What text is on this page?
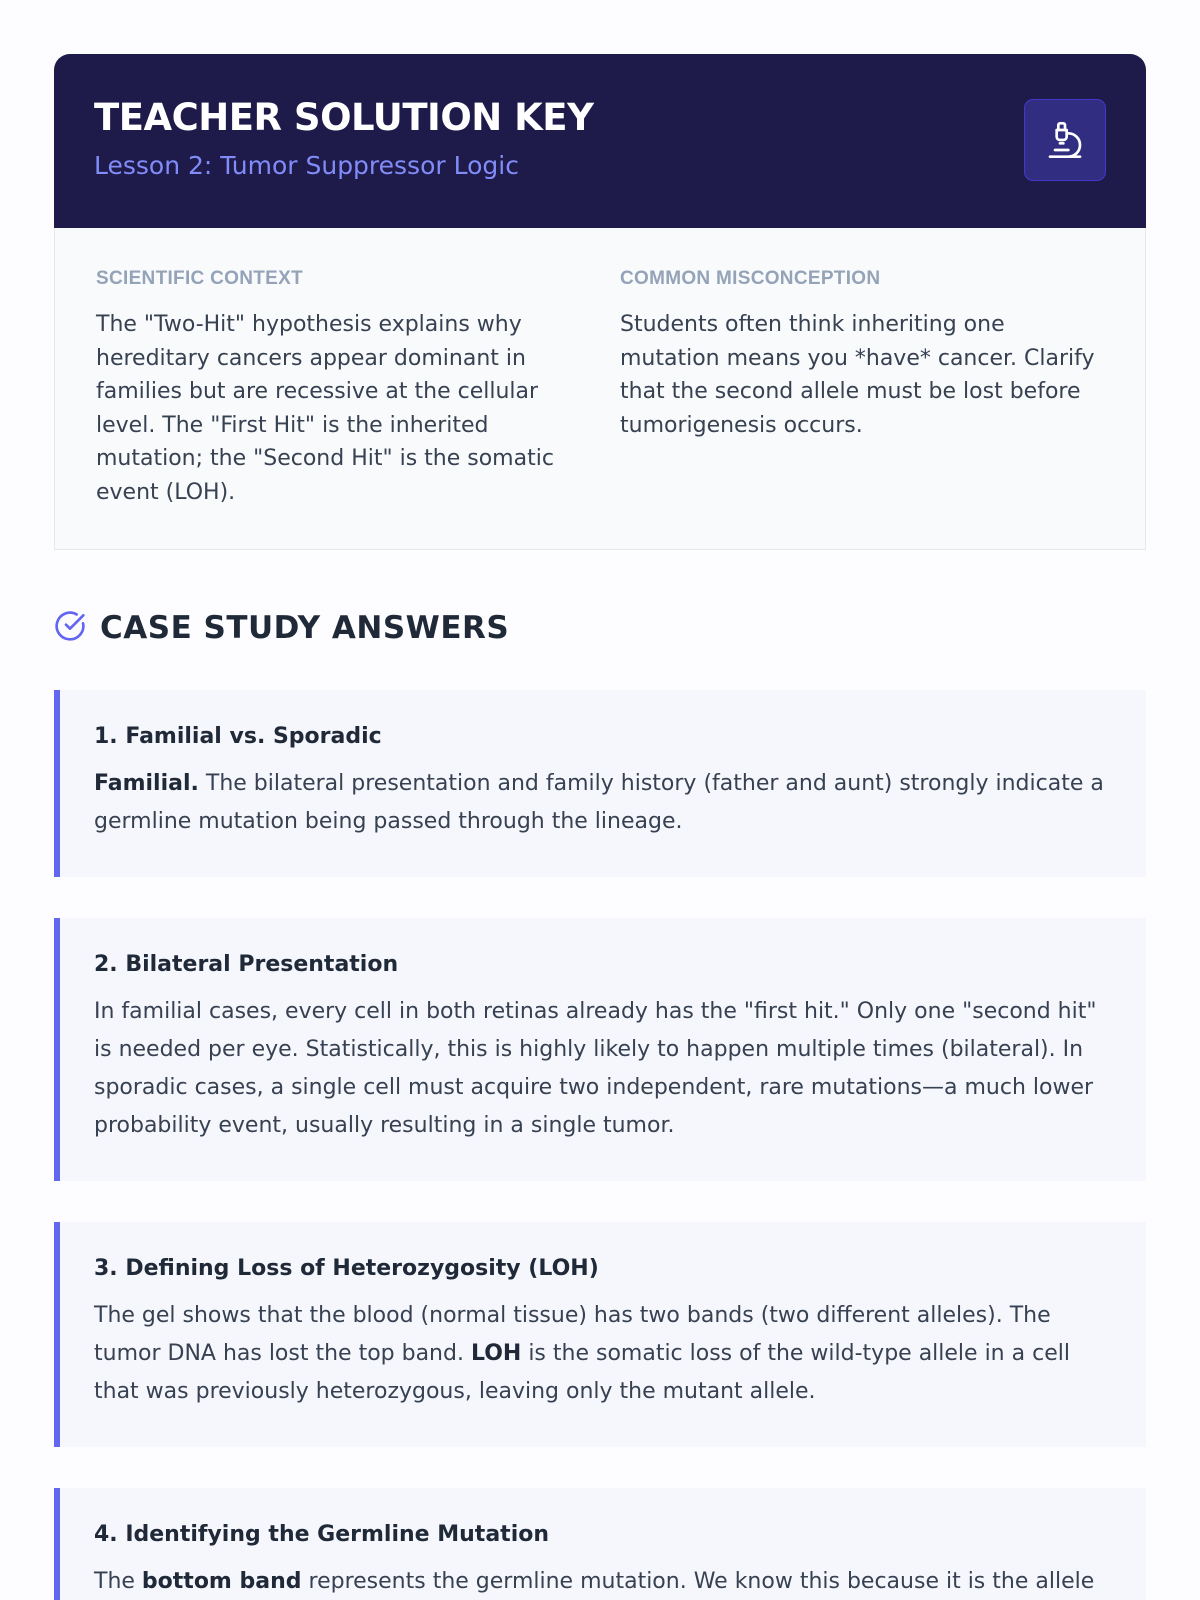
TEACHER SOLUTION KEY
Lesson 2: Tumor Suppressor Logic
SCIENTIFIC CONTEXT
The "Two-Hit" hypothesis explains why hereditary cancers appear dominant in families but are recessive at the cellular level. The "First Hit" is the inherited mutation; the "Second Hit" is the somatic event (LOH).
COMMON MISCONCEPTION
Students often think inheriting one mutation means you *have* cancer. Clarify that the second allele must be lost before tumorigenesis occurs.
CASE STUDY ANSWERS
1. Familial vs. Sporadic
Familial. The bilateral presentation and family history (father and aunt) strongly indicate a germline mutation being passed through the lineage.
2. Bilateral Presentation
In familial cases, every cell in both retinas already has the "first hit." Only one "second hit" is needed per eye. Statistically, this is highly likely to happen multiple times (bilateral). In sporadic cases, a single cell must acquire two independent, rare mutations—a much lower probability event, usually resulting in a single tumor.
3. Defining Loss of Heterozygosity (LOH)
The gel shows that the blood (normal tissue) has two bands (two different alleles). The tumor DNA has lost the top band. LOH is the somatic loss of the wild-type allele in a cell that was previously heterozygous, leaving only the mutant allele.
4. Identifying the Germline Mutation
The bottom band represents the germline mutation. We know this because it is the allele
